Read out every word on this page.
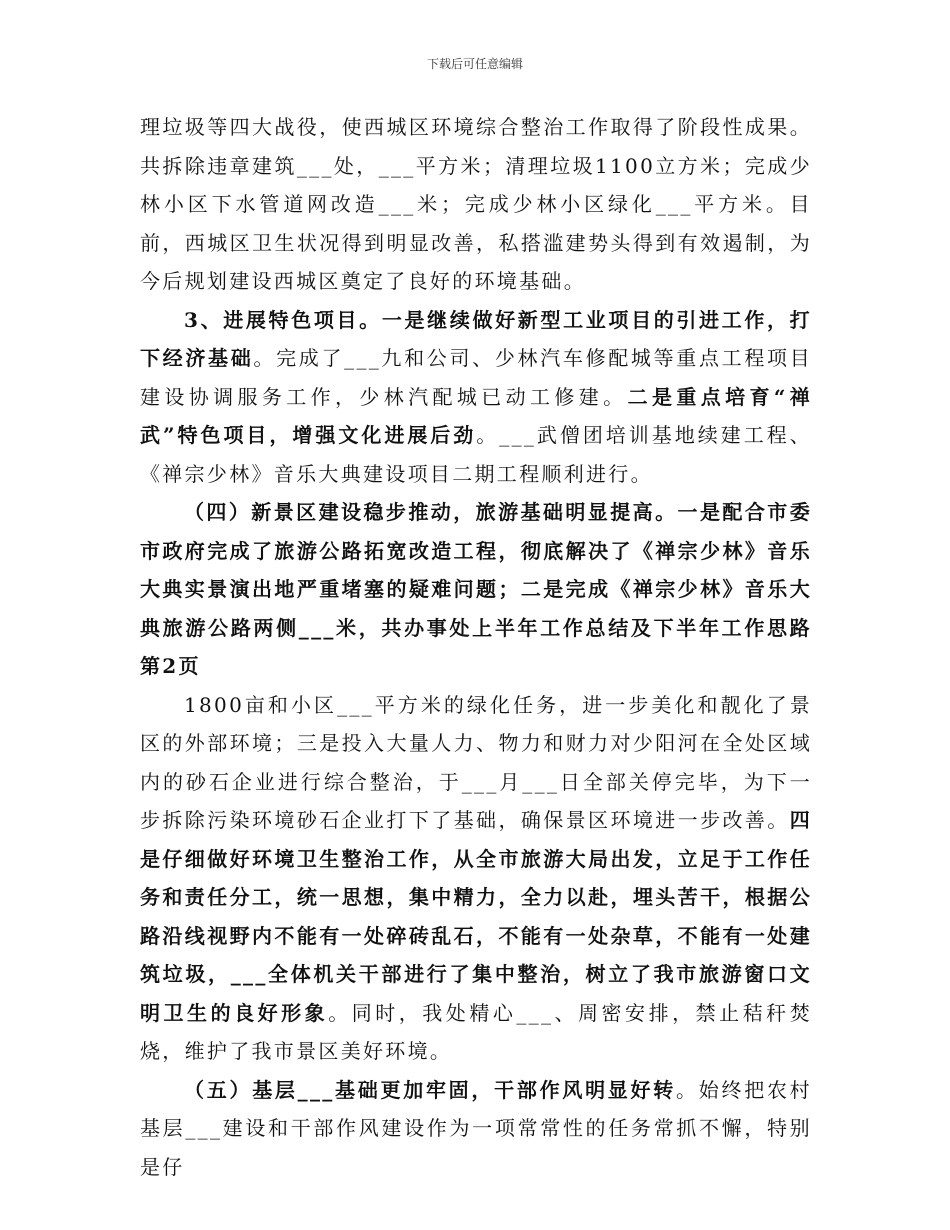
下载后可任意编辑

理垃圾等四大战役，使西城区环境综合整治工作取得了阶段性成果。共拆除违章建筑___处，___平方米；清理垃圾1100立方米；完成少林小区下水管道网改造___米；完成少林小区绿化___平方米。目前，西城区卫生状况得到明显改善，私搭滥建势头得到有效遏制，为今后规划建设西城区奠定了良好的环境基础。

3、进展特色项目。一是继续做好新型工业项目的引进工作，打下经济基础。完成了___九和公司、少林汽车修配城等重点工程项目建设协调服务工作，少林汽配城已动工修建。二是重点培育“禅武”特色项目，增强文化进展后劲。___武僧团培训基地续建工程、《禅宗少林》音乐大典建设项目二期工程顺利进行。

（四）新景区建设稳步推动，旅游基础明显提高。一是配合市委市政府完成了旅游公路拓宽改造工程，彻底解决了《禅宗少林》音乐大典实景演出地严重堵塞的疑难问题；二是完成《禅宗少林》音乐大典旅游公路两侧___米，共办事处上半年工作总结及下半年工作思路第2页

1800亩和小区___平方米的绿化任务，进一步美化和靓化了景区的外部环境；三是投入大量人力、物力和财力对少阳河在全处区域内的砂石企业进行综合整治，于___月___日全部关停完毕，为下一步拆除污染环境砂石企业打下了基础，确保景区环境进一步改善。四是仔细做好环境卫生整治工作，从全市旅游大局出发，立足于工作任务和责任分工，统一思想，集中精力，全力以赴，埋头苦干，根据公路沿线视野内不能有一处碎砖乱石，不能有一处杂草，不能有一处建筑垃圾，___全体机关干部进行了集中整治，树立了我市旅游窗口文明卫生的良好形象。同时，我处精心___、周密安排，禁止秸秆焚烧，维护了我市景区美好环境。

（五）基层___基础更加牢固，干部作风明显好转。始终把农村基层___建设和干部作风建设作为一项常常性的任务常抓不懈，特别是仔
